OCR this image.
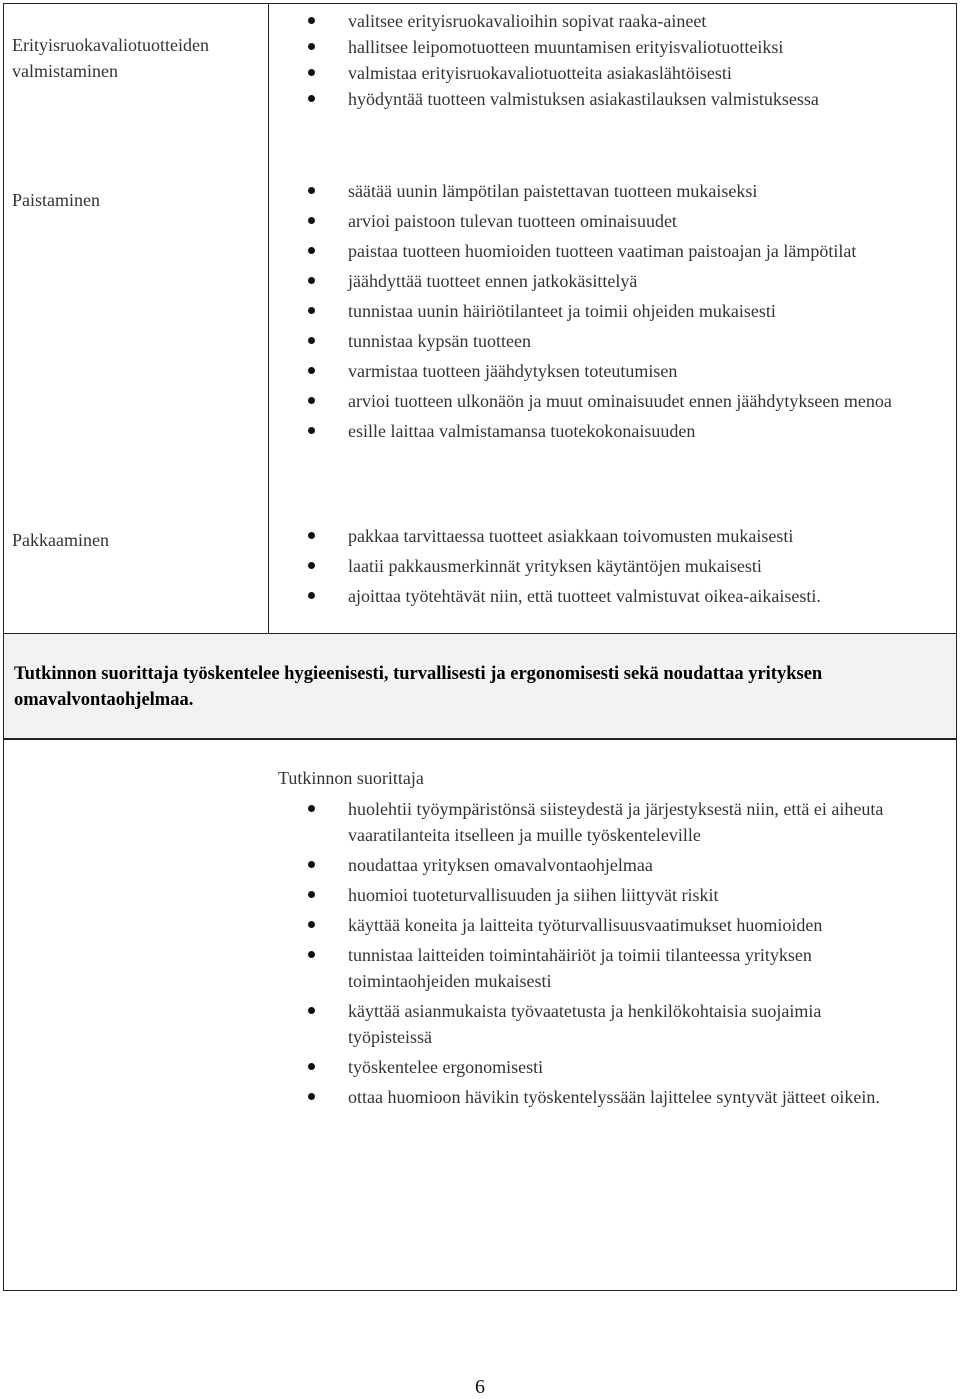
Erityisruokavaliotuotteiden valmistaminen
valitsee erityisruokavalioihin sopivat raaka-aineet
hallitsee leipomotuotteen muuntamisen erityisvaliotuotteiksi
valmistaa erityisruokavaliotuotteita asiakaslähtöisesti
hyödyntää tuotteen valmistuksen asiakastilauksen valmistuksessa
Paistaminen	säätää uunin lämpötilan paistettavan tuotteen mukaiseksi
arvioi paistoon tulevan tuotteen ominaisuudet
paistaa tuotteen huomioiden tuotteen vaatiman paistoajan ja lämpötilat
jäähdyttää tuotteet ennen jatkokäsittelyä
tunnistaa uunin häiriötilanteet ja toimii ohjeiden mukaisesti
tunnistaa kypsän tuotteen
varmistaa tuotteen jäähdytyksen toteutumisen
arvioi tuotteen ulkonäön ja muut ominaisuudet ennen jäähdytykseen menoa
esille laittaa valmistamansa tuotekokonaisuuden
Pakkaaminen	pakkaa tarvittaessa tuotteet asiakkaan toivomusten mukaisesti
laatii pakkausmerkinnät yrityksen käytäntöjen mukaisesti
ajoittaa työtehtävät niin, että tuotteet valmistuvat oikea-aikaisesti.

Tutkinnon suorittaja työskentelee hygieenisesti, turvallisesti ja ergonomisesti sekä noudattaa yrityksen omavalvontaohjelmaa.

Tutkinnon suorittaja
huolehtii työympäristönsä siisteydestä ja järjestyksestä niin, että ei aiheuta vaaratilanteita itselleen ja muille työskenteleville
noudattaa yrityksen omavalvontaohjelmaa
huomioi tuoteturvallisuuden ja siihen liittyvät riskit
käyttää koneita ja laitteita työturvallisuusvaatimukset huomioiden
tunnistaa laitteiden toimintahäiriöt ja toimii tilanteessa yrityksen toimintaohjeiden mukaisesti
käyttää asianmukaista työvaatetusta ja henkilökohtaisia suojaimia työpisteissä
työskentelee ergonomisesti
ottaa huomioon hävikin työskentelyssään lajittelee syntyvät jätteet oikein.
6
